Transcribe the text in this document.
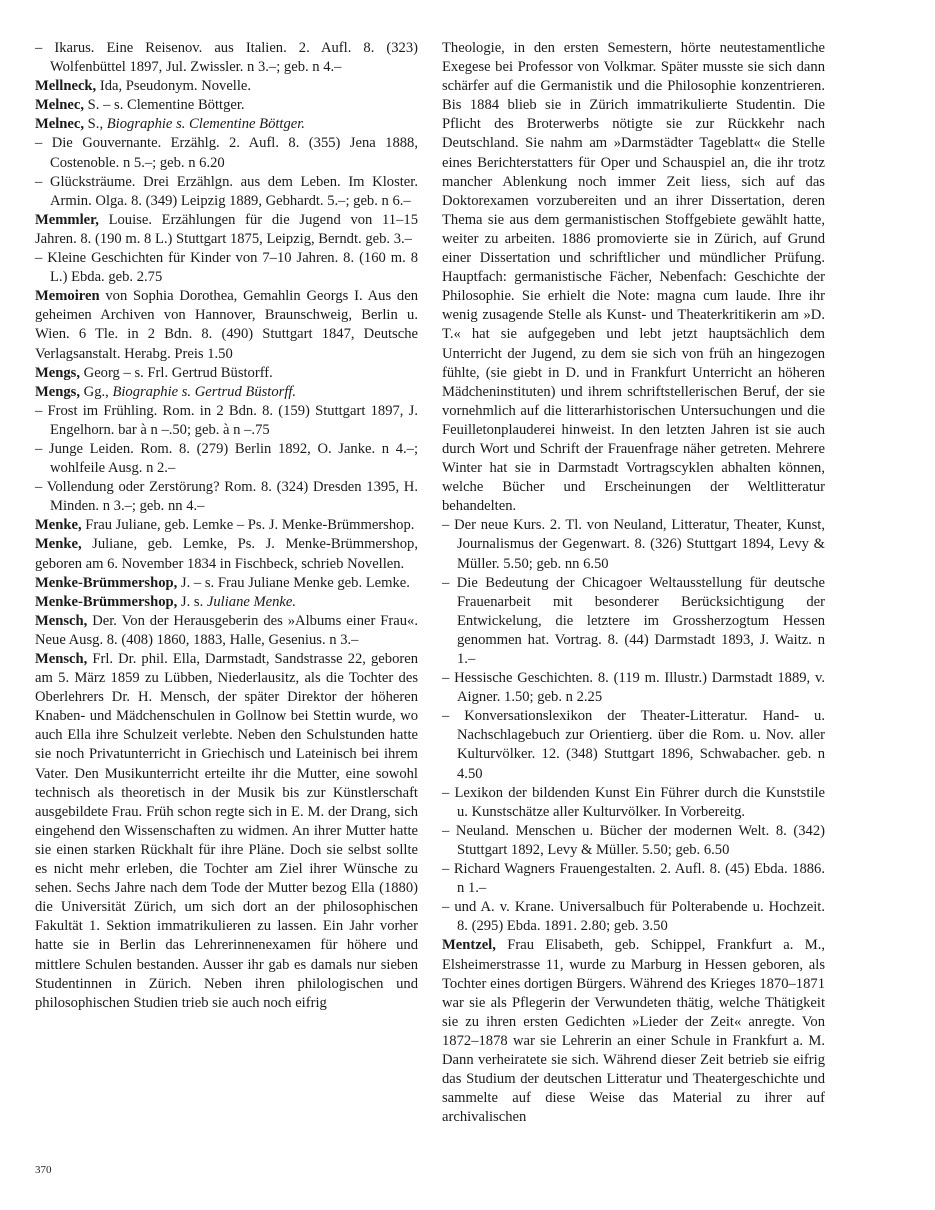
– Ikarus. Eine Reisenov. aus Italien. 2. Aufl. 8. (323) Wolfenbüttel 1897, Jul. Zwissler. n 3.–; geb. n 4.–
Mellneck, Ida, Pseudonym. Novelle.
Melnec, S. – s. Clementine Böttger.
Melnec, S., Biographie s. Clementine Böttger.
– Die Gouvernante. Erzählg. 2. Aufl. 8. (355) Jena 1888, Costenoble. n 5.–; geb. n 6.20
– Glücksträume. Drei Erzählgn. aus dem Leben. Im Kloster. Armin. Olga. 8. (349) Leipzig 1889, Gebhardt. 5.–; geb. n 6.–
Memmler, Louise. Erzählungen für die Jugend von 11–15 Jahren. 8. (190 m. 8 L.) Stuttgart 1875, Leipzig, Berndt. geb. 3.–
– Kleine Geschichten für Kinder von 7–10 Jahren. 8. (160 m. 8 L.) Ebda. geb. 2.75
Memoiren von Sophia Dorothea, Gemahlin Georgs I. Aus den geheimen Archiven von Hannover, Braunschweig, Berlin u. Wien. 6 Tle. in 2 Bdn. 8. (490) Stuttgart 1847, Deutsche Verlagsanstalt. Herabg. Preis 1.50
Mengs, Georg – s. Frl. Gertrud Büstorff.
Mengs, Gg., Biographie s. Gertrud Büstorff.
– Frost im Frühling. Rom. in 2 Bdn. 8. (159) Stuttgart 1897, J. Engelhorn. bar à n –.50; geb. à n –.75
– Junge Leiden. Rom. 8. (279) Berlin 1892, O. Janke. n 4.–; wohlfeile Ausg. n 2.–
– Vollendung oder Zerstörung? Rom. 8. (324) Dresden 1395, H. Minden. n 3.–; geb. nn 4.–
Menke, Frau Juliane, geb. Lemke – Ps. J. Menke-Brümmershop.
Menke, Juliane, geb. Lemke, Ps. J. Menke-Brümmershop, geboren am 6. November 1834 in Fischbeck, schrieb Novellen.
Menke-Brümmershop, J. – s. Frau Juliane Menke geb. Lemke.
Menke-Brümmershop, J. s. Juliane Menke.
Mensch, Der. Von der Herausgeberin des »Albums einer Frau«. Neue Ausg. 8. (408) 1860, 1883, Halle, Gesenius. n 3.–
Mensch, Frl. Dr. phil. Ella, Darmstadt, Sandstrasse 22, geboren am 5. März 1859 zu Lübben, Niederlausitz, als die Tochter des Oberlehrers Dr. H. Mensch, der später Direktor der höheren Knaben- und Mädchenschulen in Gollnow bei Stettin wurde, wo auch Ella ihre Schulzeit verlebte. Neben den Schulstunden hatte sie noch Privatunterricht in Griechisch und Lateinisch bei ihrem Vater. Den Musikunterricht erteilte ihr die Mutter, eine sowohl technisch als theoretisch in der Musik bis zur Künstlerschaft ausgebildete Frau. Früh schon regte sich in E. M. der Drang, sich eingehend den Wissenschaften zu widmen. An ihrer Mutter hatte sie einen starken Rückhalt für ihre Pläne. Doch sie selbst sollte es nicht mehr erleben, die Tochter am Ziel ihrer Wünsche zu sehen. Sechs Jahre nach dem Tode der Mutter bezog Ella (1880) die Universität Zürich, um sich dort an der philosophischen Fakultät 1. Sektion immatrikulieren zu lassen. Ein Jahr vorher hatte sie in Berlin das Lehrerinnenexamen für höhere und mittlere Schulen bestanden. Ausser ihr gab es damals nur sieben Studentinnen in Zürich. Neben ihren philologischen und philosophischen Studien trieb sie auch noch eifrig
Theologie, in den ersten Semestern, hörte neutestamentliche Exegese bei Professor von Volkmar. Später musste sie sich dann schärfer auf die Germanistik und die Philosophie konzentrieren. Bis 1884 blieb sie in Zürich immatrikulierte Studentin. Die Pflicht des Broterwerbs nötigte sie zur Rückkehr nach Deutschland. Sie nahm am »Darmstädter Tageblatt« die Stelle eines Berichterstatters für Oper und Schauspiel an, die ihr trotz mancher Ablenkung noch immer Zeit liess, sich auf das Doktorexamen vorzubereiten und an ihrer Dissertation, deren Thema sie aus dem germanistischen Stoffgebiete gewählt hatte, weiter zu arbeiten. 1886 promovierte sie in Zürich, auf Grund einer Dissertation und schriftlicher und mündlicher Prüfung. Hauptfach: germanistische Fächer, Nebenfach: Geschichte der Philosophie. Sie erhielt die Note: magna cum laude. Ihre ihr wenig zusagende Stelle als Kunst- und Theaterkritikerin am »D. T.« hat sie aufgegeben und lebt jetzt hauptsächlich dem Unterricht der Jugend, zu dem sie sich von früh an hingezogen fühlte, (sie giebt in D. und in Frankfurt Unterricht an höheren Mädcheninstituten) und ihrem schriftstellerischen Beruf, der sie vornehmlich auf die litterarhistorischen Untersuchungen und die Feuilletonplauderei hinweist. In den letzten Jahren ist sie auch durch Wort und Schrift der Frauenfrage näher getreten. Mehrere Winter hat sie in Darmstadt Vortragscyklen abhalten können, welche Bücher und Erscheinungen der Weltlitteratur behandelten.
– Der neue Kurs. 2. Tl. von Neuland, Litteratur, Theater, Kunst, Journalismus der Gegenwart. 8. (326) Stuttgart 1894, Levy & Müller. 5.50; geb. nn 6.50
– Die Bedeutung der Chicagoer Weltausstellung für deutsche Frauenarbeit mit besonderer Berücksichtigung der Entwickelung, die letztere im Grossherzogtum Hessen genommen hat. Vortrag. 8. (44) Darmstadt 1893, J. Waitz. n 1.–
– Hessische Geschichten. 8. (119 m. Illustr.) Darmstadt 1889, v. Aigner. 1.50; geb. n 2.25
– Konversationslexikon der Theater-Litteratur. Hand- u. Nachschlagebuch zur Orientierg. über die Rom. u. Nov. aller Kulturvölker. 12. (348) Stuttgart 1896, Schwabacher. geb. n 4.50
– Lexikon der bildenden Kunst Ein Führer durch die Kunststile u. Kunstschätze aller Kulturvölker. In Vorbereitg.
– Neuland. Menschen u. Bücher der modernen Welt. 8. (342) Stuttgart 1892, Levy & Müller. 5.50; geb. 6.50
– Richard Wagners Frauengestalten. 2. Aufl. 8. (45) Ebda. 1886. n 1.–
– und A. v. Krane. Universalbuch für Polterabende u. Hochzeit. 8. (295) Ebda. 1891. 2.80; geb. 3.50
Mentzel, Frau Elisabeth, geb. Schippel, Frankfurt a. M., Elsheimerstrasse 11, wurde zu Marburg in Hessen geboren, als Tochter eines dortigen Bürgers. Während des Krieges 1870–1871 war sie als Pflegerin der Verwundeten thätig, welche Thätigkeit sie zu ihren ersten Gedichten »Lieder der Zeit« anregte. Von 1872–1878 war sie Lehrerin an einer Schule in Frankfurt a. M. Dann verheiratete sie sich. Während dieser Zeit betrieb sie eifrig das Studium der deutschen Litteratur und Theatergeschichte und sammelte auf diese Weise das Material zu ihrer auf archivalischen
370
